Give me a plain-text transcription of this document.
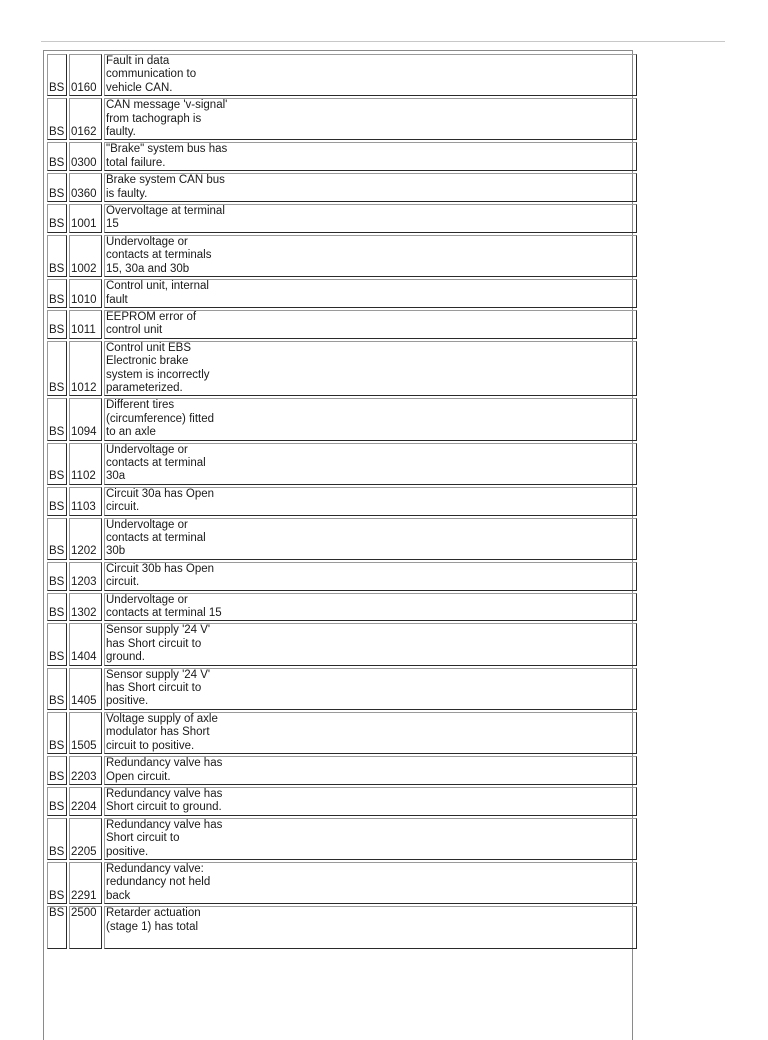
BS	0160	Fault in data
communication to
vehicle CAN.
BS	0162	CAN message 'v-signal'
from tachograph is
faulty.
BS	0300	"Brake" system bus has
total failure.
BS	0360	Brake system CAN bus
is faulty.
BS	1001	Overvoltage at terminal
15
BS	1002	Undervoltage or
contacts at terminals
15, 30a and 30b
BS	1010	Control unit, internal
fault
BS	1011	EEPROM error of
control unit
BS	1012	Control unit EBS
Electronic brake
system is incorrectly
parameterized.
BS	1094	Different tires
(circumference) fitted
to an axle
BS	1102	Undervoltage or
contacts at terminal
30a
BS	1103	Circuit 30a has Open
circuit.
BS	1202	Undervoltage or
contacts at terminal
30b
BS	1203	Circuit 30b has Open
circuit.
BS	1302	Undervoltage or
contacts at terminal 15
BS	1404	Sensor supply '24 V'
has Short circuit to
ground.
BS	1405	Sensor supply '24 V'
has Short circuit to
positive.
BS	1505	Voltage supply of axle
modulator has Short
circuit to positive.
BS	2203	Redundancy valve has
Open circuit.
BS	2204	Redundancy valve has
Short circuit to ground.
BS	2205	Redundancy valve has
Short circuit to
positive.
BS	2291	Redundancy valve:
redundancy not held
back
BS	2500	Retarder actuation
(stage 1) has total
